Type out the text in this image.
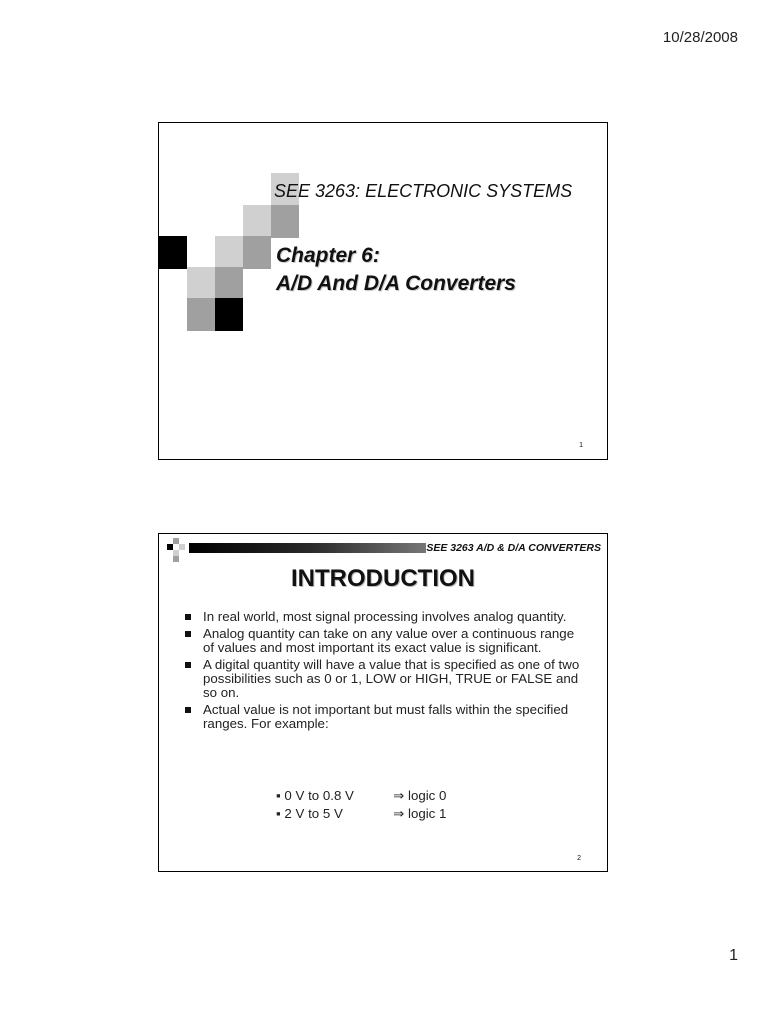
10/28/2008
SEE 3263: ELECTRONIC SYSTEMS
Chapter 6:
A/D And D/A Converters
1
SEE 3263 A/D & D/A CONVERTERS
INTRODUCTION
In real world, most signal processing involves analog quantity.
Analog quantity can take on any value over a continuous range of values and most important its exact value is significant.
A digital quantity will have a value that is specified as one of two possibilities such as 0 or 1, LOW or HIGH, TRUE or FALSE and so on.
Actual value is not important but must falls within the specified ranges. For example:
▪ 0 V to 0.8 V	⇒ logic 0
▪ 2 V to 5 V	⇒ logic 1
2
1
